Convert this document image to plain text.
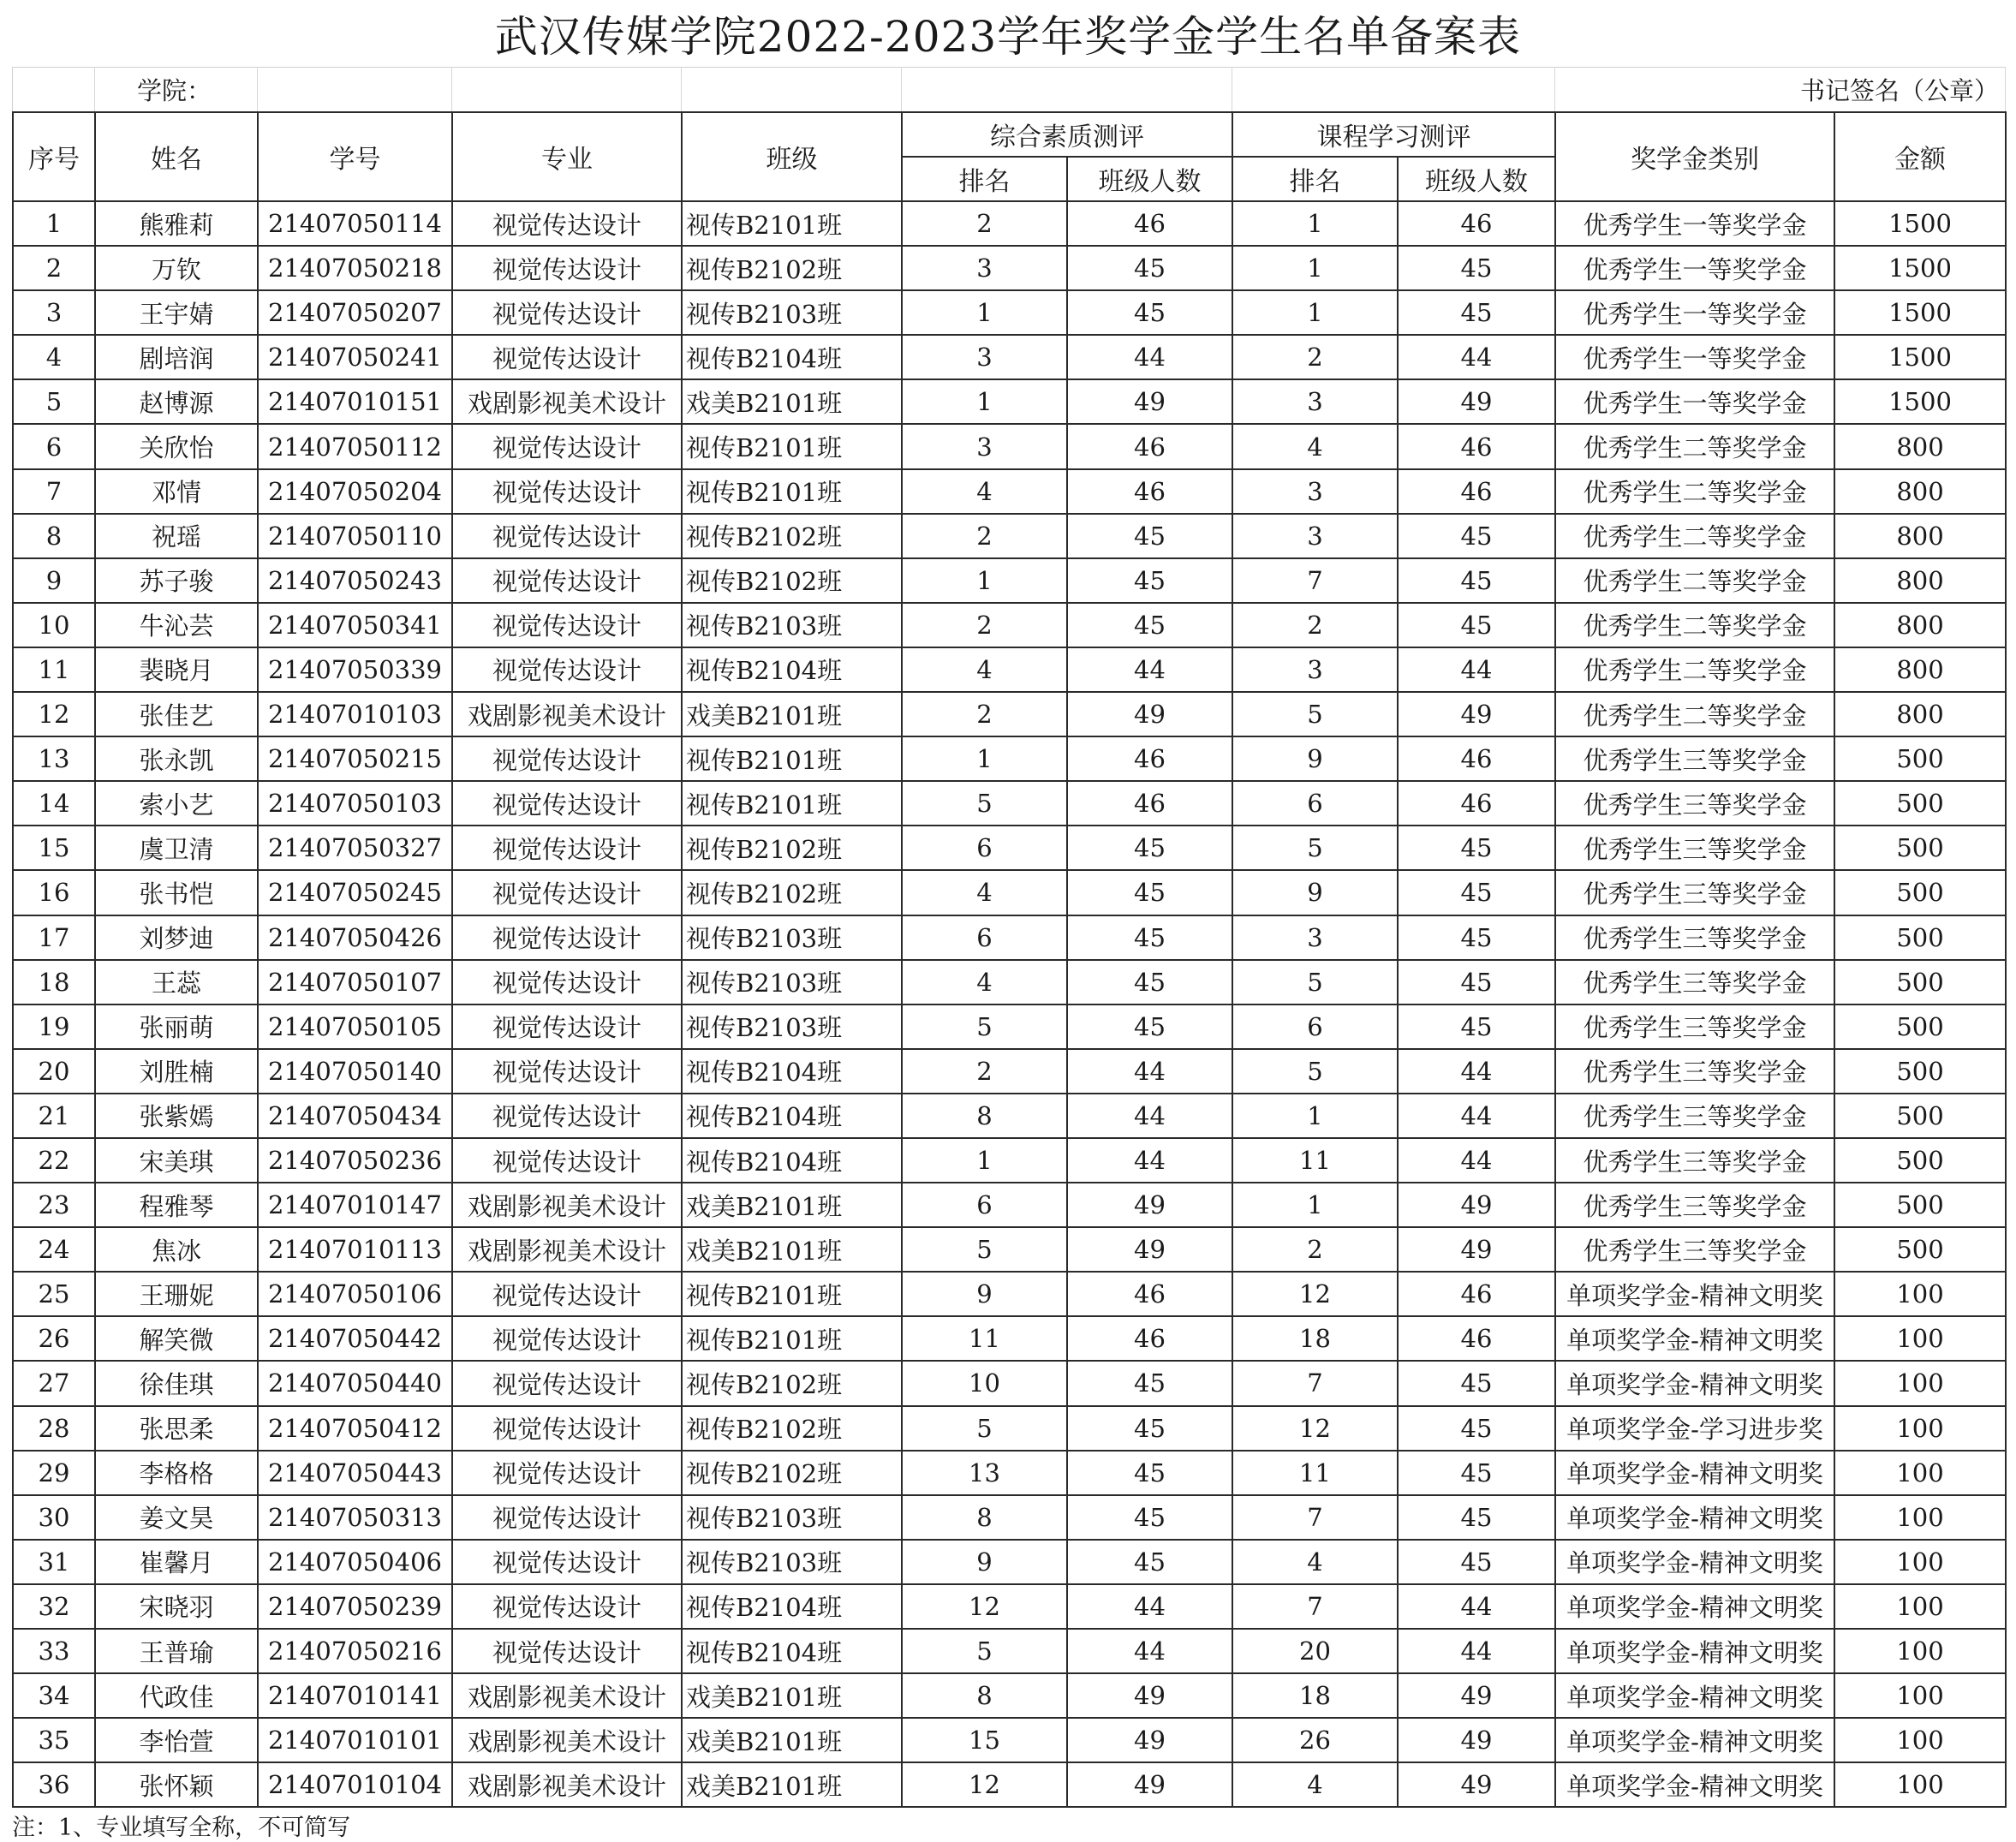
武汉传媒学院2022-2023学年奖学金学生名单备案表
学院：	书记签名（公章）
序号	姓名	学号	专业	班级	综合素质测评		课程学习测评		奖学金类别	金额
					排名	班级人数	排名	班级人数		
1	熊雅莉	21407050114	视觉传达设计	视传B2101班	2	46	1	46	优秀学生一等奖学金	1500
2	万钦	21407050218	视觉传达设计	视传B2102班	3	45	1	45	优秀学生一等奖学金	1500
3	王宇婧	21407050207	视觉传达设计	视传B2103班	1	45	1	45	优秀学生一等奖学金	1500
4	剧培润	21407050241	视觉传达设计	视传B2104班	3	44	2	44	优秀学生一等奖学金	1500
5	赵博源	21407010151	戏剧影视美术设计	戏美B2101班	1	49	3	49	优秀学生一等奖学金	1500
6	关欣怡	21407050112	视觉传达设计	视传B2101班	3	46	4	46	优秀学生二等奖学金	800
7	邓情	21407050204	视觉传达设计	视传B2101班	4	46	3	46	优秀学生二等奖学金	800
8	祝瑶	21407050110	视觉传达设计	视传B2102班	2	45	3	45	优秀学生二等奖学金	800
9	苏子骏	21407050243	视觉传达设计	视传B2102班	1	45	7	45	优秀学生二等奖学金	800
10	牛沁芸	21407050341	视觉传达设计	视传B2103班	2	45	2	45	优秀学生二等奖学金	800
11	裴晓月	21407050339	视觉传达设计	视传B2104班	4	44	3	44	优秀学生二等奖学金	800
12	张佳艺	21407010103	戏剧影视美术设计	戏美B2101班	2	49	5	49	优秀学生二等奖学金	800
13	张永凯	21407050215	视觉传达设计	视传B2101班	1	46	9	46	优秀学生三等奖学金	500
14	索小艺	21407050103	视觉传达设计	视传B2101班	5	46	6	46	优秀学生三等奖学金	500
15	虞卫清	21407050327	视觉传达设计	视传B2102班	6	45	5	45	优秀学生三等奖学金	500
16	张书恺	21407050245	视觉传达设计	视传B2102班	4	45	9	45	优秀学生三等奖学金	500
17	刘梦迪	21407050426	视觉传达设计	视传B2103班	6	45	3	45	优秀学生三等奖学金	500
18	王蕊	21407050107	视觉传达设计	视传B2103班	4	45	5	45	优秀学生三等奖学金	500
19	张丽萌	21407050105	视觉传达设计	视传B2103班	5	45	6	45	优秀学生三等奖学金	500
20	刘胜楠	21407050140	视觉传达设计	视传B2104班	2	44	5	44	优秀学生三等奖学金	500
21	张紫嫣	21407050434	视觉传达设计	视传B2104班	8	44	1	44	优秀学生三等奖学金	500
22	宋美琪	21407050236	视觉传达设计	视传B2104班	1	44	11	44	优秀学生三等奖学金	500
23	程雅琴	21407010147	戏剧影视美术设计	戏美B2101班	6	49	1	49	优秀学生三等奖学金	500
24	焦冰	21407010113	戏剧影视美术设计	戏美B2101班	5	49	2	49	优秀学生三等奖学金	500
25	王珊妮	21407050106	视觉传达设计	视传B2101班	9	46	12	46	单项奖学金-精神文明奖	100
26	解笑微	21407050442	视觉传达设计	视传B2101班	11	46	18	46	单项奖学金-精神文明奖	100
27	徐佳琪	21407050440	视觉传达设计	视传B2102班	10	45	7	45	单项奖学金-精神文明奖	100
28	张思柔	21407050412	视觉传达设计	视传B2102班	5	45	12	45	单项奖学金-学习进步奖	100
29	李格格	21407050443	视觉传达设计	视传B2102班	13	45	11	45	单项奖学金-精神文明奖	100
30	姜文昊	21407050313	视觉传达设计	视传B2103班	8	45	7	45	单项奖学金-精神文明奖	100
31	崔馨月	21407050406	视觉传达设计	视传B2103班	9	45	4	45	单项奖学金-精神文明奖	100
32	宋晓羽	21407050239	视觉传达设计	视传B2104班	12	44	7	44	单项奖学金-精神文明奖	100
33	王普瑜	21407050216	视觉传达设计	视传B2104班	5	44	20	44	单项奖学金-精神文明奖	100
34	代政佳	21407010141	戏剧影视美术设计	戏美B2101班	8	49	18	49	单项奖学金-精神文明奖	100
35	李怡萱	21407010101	戏剧影视美术设计	戏美B2101班	15	49	26	49	单项奖学金-精神文明奖	100
36	张怀颖	21407010104	戏剧影视美术设计	戏美B2101班	12	49	4	49	单项奖学金-精神文明奖	100
注：1、专业填写全称，不可简写
